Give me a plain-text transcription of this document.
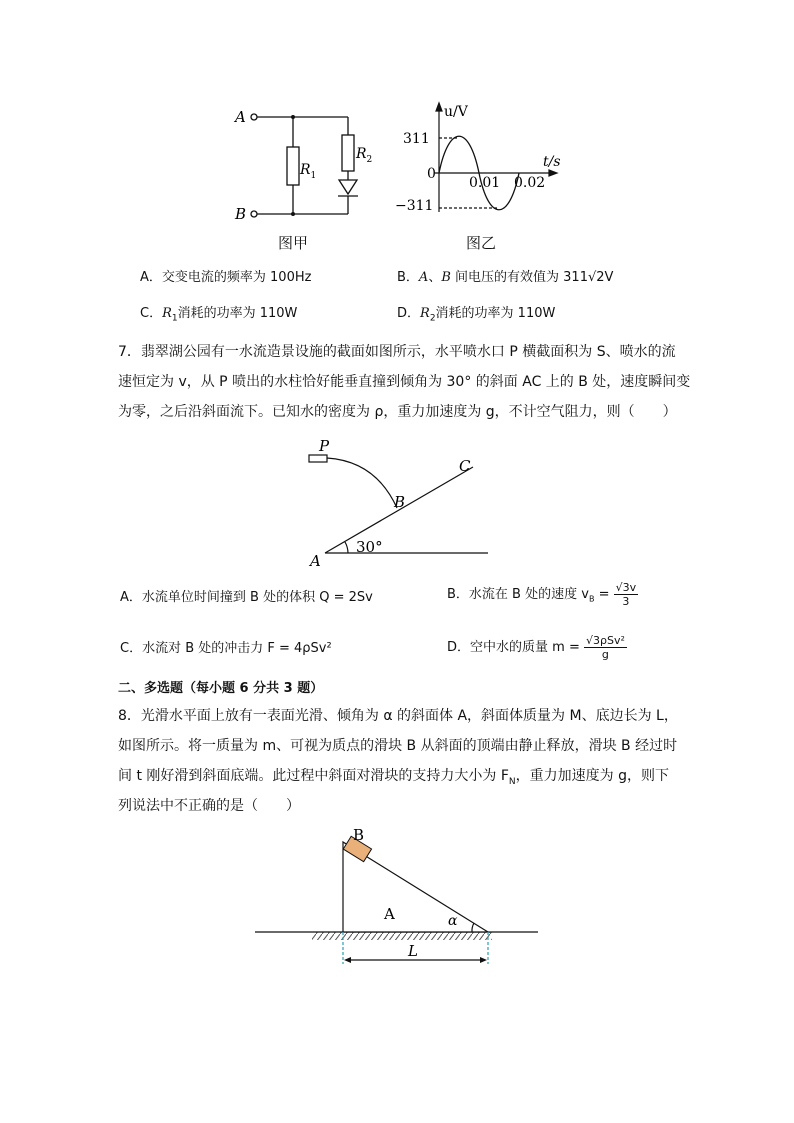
A
B
$R_1$
$R_2$
u/V
t/s
311
0
−311
0.01 0.02
图甲	图乙
A．交变电流的频率为 100Hz	B．A、B 间电压的有效值为 311√2V
C．$R_1$消耗的功率为 110W	D．$R_2$消耗的功率为 110W
7．翡翠湖公园有一水流造景设施的截面如图所示，水平喷水口 P 横截面积为 S、喷水的流
速恒定为 v，从 P 喷出的水柱恰好能垂直撞到倾角为 30° 的斜面 AC 上的 B 处，速度瞬间变
为零，之后沿斜面流下。已知水的密度为 ρ，重力加速度为 g，不计空气阻力，则（　　）
P
C
B
A
30°
A．水流单位时间撞到 B 处的体积 Q = 2Sv	B．水流在 B 处的速度 $v_B = \frac{√3v}{3}$
C．水流对 B 处的冲击力 F = 4ρSv²	D．空中水的质量 $m = \frac{\text{√3ρSv²}}{g}$
二、多选题（每小题 6 分共 3 题）
8．光滑水平面上放有一表面光滑、倾角为 α 的斜面体 A，斜面体质量为 M、底边长为 L，
如图所示。将一质量为 m、可视为质点的滑块 B 从斜面的顶端由静止释放，滑块 B 经过时
间 t 刚好滑到斜面底端。此过程中斜面对滑块的支持力大小为 $F_N$，重力加速度为 g，则下
列说法中不正确的是（　　）
B
A	α
L
